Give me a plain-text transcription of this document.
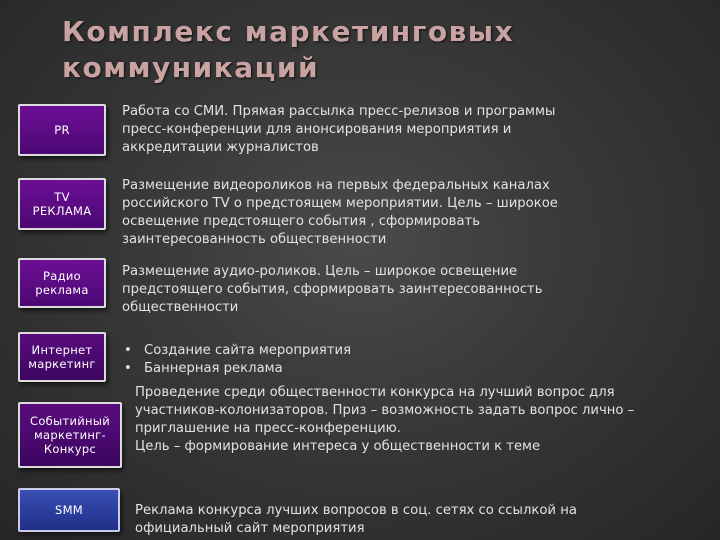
Комплекс маркетинговых
коммуникаций
PR
Работа со СМИ. Прямая рассылка пресс-релизов и программы
пресс-конференции для анонсирования мероприятия и
аккредитации журналистов
TV
РЕКЛАМА
Размещение видеороликов на первых федеральных каналах
российского TV о предстоящем мероприятии. Цель – широкое
освещение предстоящего события , сформировать
заинтересованность общественности
Радио
реклама
Размещение аудио-роликов. Цель – широкое освещение
предстоящего события, сформировать заинтересованность
общественности
Интернет
маркетинг
• Создание сайта мероприятия
• Баннерная реклама
Событийный
маркетинг-
Конкурс
Проведение среди общественности конкурса на лучший вопрос для
участников-колонизаторов. Приз – возможность задать вопрос лично –
приглашение на пресс-конференцию.
Цель – формирование интереса у общественности к теме
SMM	Реклама конкурса лучших вопросов в соц. сетях со ссылкой на
официальный сайт мероприятия
